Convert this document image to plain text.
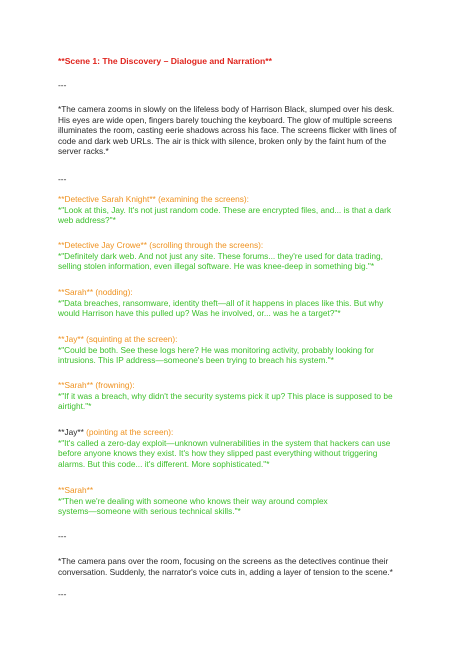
**Scene 1: The Discovery – Dialogue and Narration**
---
*The camera zooms in slowly on the lifeless body of Harrison Black, slumped over his desk.
His eyes are wide open, fingers barely touching the keyboard. The glow of multiple screens
illuminates the room, casting eerie shadows across his face. The screens flicker with lines of
code and dark web URLs. The air is thick with silence, broken only by the faint hum of the
server racks.*
---
**Detective Sarah Knight** (examining the screens):
*"Look at this, Jay. It's not just random code. These are encrypted files, and... is that a dark
web address?"*
**Detective Jay Crowe** (scrolling through the screens):
*"Definitely dark web. And not just any site. These forums... they're used for data trading,
selling stolen information, even illegal software. He was knee-deep in something big."*
**Sarah** (nodding):
*"Data breaches, ransomware, identity theft—all of it happens in places like this. But why
would Harrison have this pulled up? Was he involved, or... was he a target?"*
**Jay** (squinting at the screen):
*"Could be both. See these logs here? He was monitoring activity, probably looking for
intrusions. This IP address—someone's been trying to breach his system."*
**Sarah** (frowning):
*"If it was a breach, why didn't the security systems pick it up? This place is supposed to be
airtight."*
**Jay** (pointing at the screen):
*"It's called a zero-day exploit—unknown vulnerabilities in the system that hackers can use
before anyone knows they exist. It's how they slipped past everything without triggering
alarms. But this code... it's different. More sophisticated."*
**Sarah**
*"Then we're dealing with someone who knows their way around complex
systems—someone with serious technical skills."*
---
*The camera pans over the room, focusing on the screens as the detectives continue their
conversation. Suddenly, the narrator's voice cuts in, adding a layer of tension to the scene.*
---
